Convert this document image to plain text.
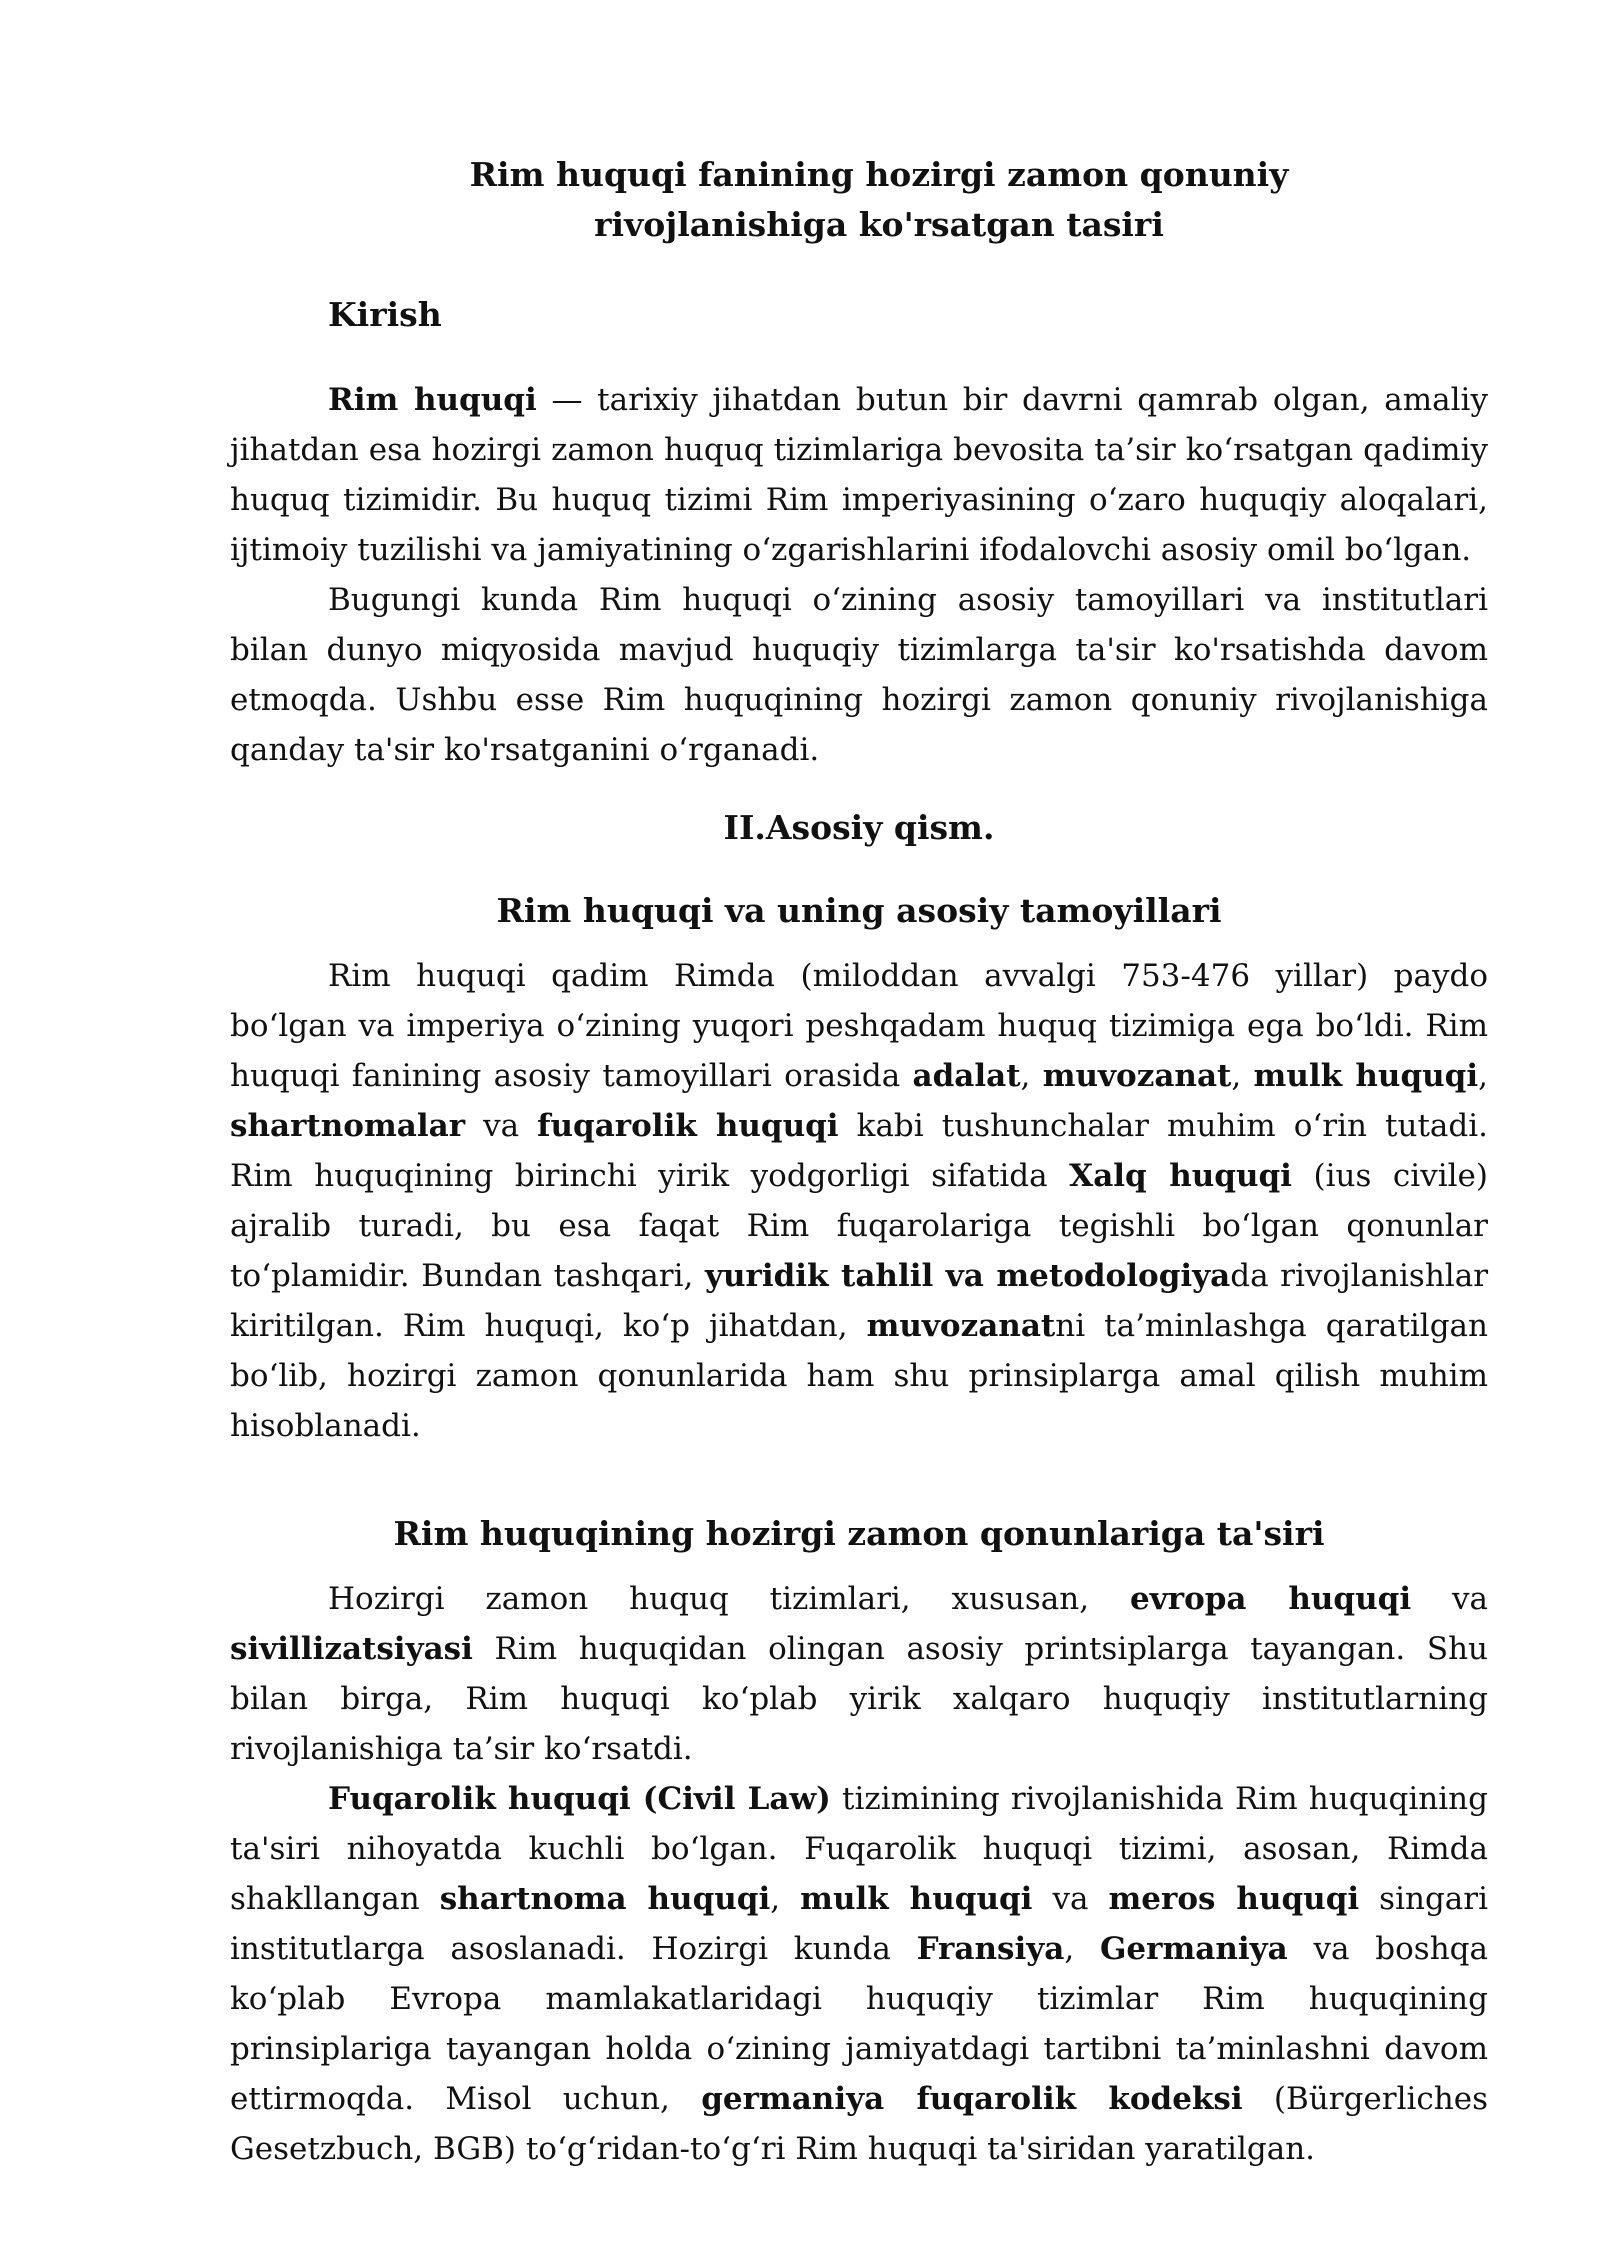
Rim huquqi fanining hozirgi zamon qonuniy
rivojlanishiga ko'rsatgan tasiri
Kirish

Rim huquqi — tarixiy jihatdan butun bir davrni qamrab olgan, amaliy jihatdan esa hozirgi zamon huquq tizimlariga bevosita ta’sir ko‘rsatgan qadimiy huquq tizimidir. Bu huquq tizimi Rim imperiyasining o‘zaro huquqiy aloqalari, ijtimoiy tuzilishi va jamiyatining o‘zgarishlarini ifodalovchi asosiy omil bo‘lgan.

Bugungi kunda Rim huquqi o‘zining asosiy tamoyillari va institutlari bilan dunyo miqyosida mavjud huquqiy tizimlarga ta'sir ko'rsatishda davom etmoqda. Ushbu esse Rim huquqining hozirgi zamon qonuniy rivojlanishiga qanday ta'sir ko'rsatganini o‘rganadi.

II.Asosiy qism.
Rim huquqi va uning asosiy tamoyillari

Rim huquqi qadim Rimda (miloddan avvalgi 753-476 yillar) paydo bo‘lgan va imperiya o‘zining yuqori peshqadam huquq tizimiga ega bo‘ldi. Rim huquqi fanining asosiy tamoyillari orasida adalat, muvozanat, mulk huquqi, shartnomalar va fuqarolik huquqi kabi tushunchalar muhim o‘rin tutadi. Rim huquqining birinchi yirik yodgorligi sifatida Xalq huquqi (ius civile) ajralib turadi, bu esa faqat Rim fuqarolariga tegishli bo‘lgan qonunlar to‘plamidir. Bundan tashqari, yuridik tahlil va metodologiyada rivojlanishlar kiritilgan. Rim huquqi, ko‘p jihatdan, muvozanatni ta’minlashga qaratilgan bo‘lib, hozirgi zamon qonunlarida ham shu prinsiplarga amal qilish muhim hisoblanadi.

Rim huquqining hozirgi zamon qonunlariga ta'siri

Hozirgi zamon huquq tizimlari, xususan, evropa huquqi va sivillizatsiyasi Rim huquqidan olingan asosiy printsiplarga tayangan. Shu bilan birga, Rim huquqi ko‘plab yirik xalqaro huquqiy institutlarning rivojlanishiga ta’sir ko‘rsatdi.

Fuqarolik huquqi (Civil Law) tizimining rivojlanishida Rim huquqining ta'siri nihoyatda kuchli bo‘lgan. Fuqarolik huquqi tizimi, asosan, Rimda shakllangan shartnoma huquqi, mulk huquqi va meros huquqi singari institutlarga asoslanadi. Hozirgi kunda Fransiya, Germaniya va boshqa ko‘plab Evropa mamlakatlaridagi huquqiy tizimlar Rim huquqining prinsiplariga tayangan holda o‘zining jamiyatdagi tartibni ta’minlashni davom ettirmoqda. Misol uchun, germaniya fuqarolik kodeksi (Bürgerliches Gesetzbuch, BGB) to‘g‘ridan-to‘g‘ri Rim huquqi ta'siridan yaratilgan.
